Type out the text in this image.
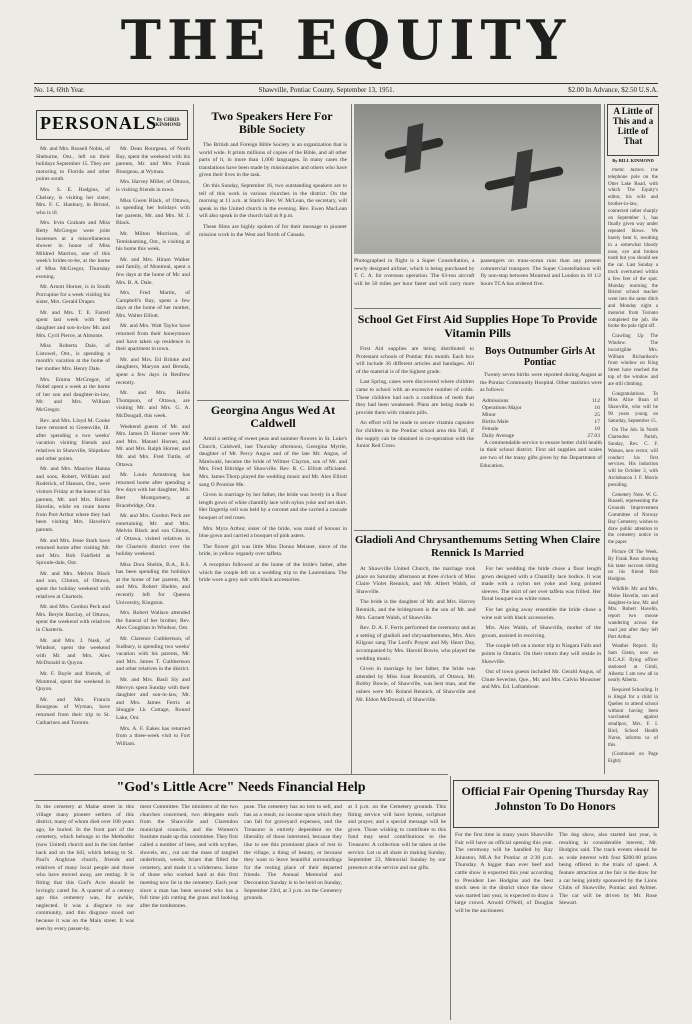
THE EQUITY
No. 14, 69th Year.	Shawville, Pontiac County, September 13, 1951.	$2.00 In Advance, $2.50 U.S.A.
PERSONALS By CHRIS KINMOND

Mr. and Mrs. Russell Nobis, of Sheburne, Ont., left on their holidays September 15. They are motoring to Florida and other points south.

Mrs. S. E. Hodgins, of Chelsey, is visiting her sister, Mrs. F. C. Hanbury, in Bristol, who is ill.

Mrs. Irvin Graham and Miss Betty McGregor were joint hostesses at a miscellaneous shower in honor of Miss Mildred Marrion, one of this week's brides-to-be, at the home of Miss McGregor, Thursday evening.

Mr. Arnott Horner, is in South Porcupine for a week visiting his sister, Mrs. Gerald Draper.

Mr. and Mrs. T. E. Farrell spent last week with their daughter and son-in-law Mr. and Mrs. Cyril Pierce, at Almonte.

Miss Roberta Dale, of Listowel, Ont., is spending a month's vacation at the home of her mother Mrs. Henry Dale.

Mrs. Emma McGregor, of Nobel spent a week at the home of her son and daughter-in-law, Mr. and Mrs. William McGregor.

Rev. and Mrs. Lloyd M. Cooke have returned to Greenville, Ill. after spending a two weeks' vacation visiting friends and relatives in Shawville, Shipshaw and other points.

Mr. and Mrs. Maurice Hanna and sons, Robert, William and Roderick, of Hanson, Ont., were visitors Friday at the home of his parents, Mr. and Mrs. Robert Havelin, while en route home from Port Arthur where they had been visiting Mrs. Havelin's parents.

Mr. and Mrs. Jesse Stark have returned home after visiting Mr. and Mrs. Bob Fairfield at Sproule-dale, Ont.

Mr. and Mrs. Melvin Black and son, Clinton, of Ottawa, spent the holiday weekend with relatives at Charteris.

Mr. and Mrs. Gordon Peck and Mrs. Beryle Barclay, of Ottawa, spent the weekend with relatives in Charteris.

Mr. and Mrs. J. Nash, of Windsor, spent the weekend with Mr. and Mrs. Alex McDonald in Quyon.

Mr. F. Boyle and friends, of Montreal, spent the weekend in Quyon.

Mr. and Mrs. Francis Bourgeau of Wyman, have returned from their trip to St. Catharines and Toronto.

Mr. Dean Bourgeau, of North Bay, spent the weekend with his parents, Mr. and Mrs. Frank Bourgeau, at Wyman.

Mrs. Harvey Miller, of Ottawa, is visiting friends in town.

Miss Gwen Black, of Ottawa, is spending her holidays with her parents, Mr. and Mrs. M. J. Black.

Mr. Milton Morrison, of Temiskaming, Ont., is visiting at his home this week.

Mr. and Mrs. Hiram Walker and family, of Montreal, spent a few days at the home of Mr. and Mrs. B. A. Dale.

Mrs. Fred Martin, of Campbell's Bay, spent a few days at the home of her mother, Mrs. Walter Elliott.

Mr. and Mrs. Watt Taylor have returned from their honeymoon and have taken up residence in their apartment in town.

Mr. and Mrs. Ed Brinke and daughters, Maryon and Brenda, spent a few days in Renfrew recently.

Mr. and Mrs. Hollis Thompson, of Ottawa, are visiting Mr. and Mrs. G. A. McDougall, this week.

Weekend guests of Mr. and Mrs. James D. Horner were Mr. and Mrs. Mansel Horner, and Mr. and Mrs. Ralph Horner, and Mr. and Mrs. Fred Tuttle, of Ottawa.

Mr. Louis Armstrong has returned home after spending a few days with her daughter, Mrs. Bert Montgomery, at Bracebridge, Ont.

Mr. and Mrs. Gordon Peck are entertaining Mr. and Mrs. Melvin Black and son Clinton, of Ottawa, visited relatives in the Charteris district over the holiday weekend.

Miss Dora Sheltie, B.A., B.S. has been spending the holidays at the home of her parents, Mr. and Mrs. Robert Sheltie, and recently left for Queens University, Kingston.

Mrs. Robert Wallace attended the funeral of her brother, Rev. Alex Coughlan in Windsor, Ont.

Mr. Clarence Cuthbertson, of Sudbury, is spending two weeks' vacation with his parents, Mr. and Mrs. James T. Cuthbertson and other relatives in the district.

Mr. and Mrs. Basil Sly and Mervyn spent Sunday with their daughter and son-in-law, Mr. and Mrs. James Ferris at Shuggie Lk Cottage, Round Lake, Ont.

Mrs. A. F. Eakes has returned from a three-week visit to Fort William.

Two Speakers Here For Bible Society

The British and Foreign Bible Society is an organization that is world wide. It prints millions of copies of the Bible, and all other parts of it, in more than 1,000 languages. In many cases the translations have been made by missionaries and others who have given their lives in the task.

On this Sunday, September 16, two outstanding speakers are to tell of this work in various churches in the district. On the morning at 11 a.m. at Stark's Rev. W. McLean, the secretary, will speak in the United church in the evening. Rev. Ewen MacLean will also speak in the church hall at 8 p.m.

These films are highly spoken of for their message to pioneer mission work in the West and North of Canada.

Georgina Angus Wed At Caldwell

Amid a setting of sweet peas and summer flowers in St. Luke's Church, Caldwell, last Thursday afternoon, Georgina Myrtle, daughter of Mr. Percy Angus and of the late Mr. Angus, of Maniwaki, became the bride of Wilmer Clayton, son of Mr. and Mrs. Fred Ethridge of Shawville. Rev. R. C. Elliott officiated. Mrs. James Thorp played the wedding music and Mr. Alex Elliott sang O Promise Me.

Given in marriage by her father, the bride was lovely in a floor length gown of white chantilly lace with nylon yoke and net skirt. Her fingertip veil was held by a coronet and she carried a cascade bouquet of red roses.

Mrs. Myra Arthur, sister of the bride, was maid of honour in blue gown and carried a bouquet of pink asters.

The flower girl was little Miss Donna Meisner, niece of the bride, in yellow organdy over taffeta.

A reception followed at the home of the bride's father, after which the couple left on a wedding trip to the Laurentians. The bride wore a grey suit with black accessories.

Photographed in flight is a Super Constellation, a newly designed airliner, which is being purchased by T. C. A. for overseas operation. The 63-ton aircraft will be 50 miles per hour faster and will carry more passengers on trans-ocean runs than any present commercial transport. The Super Constellations will fly non-stop between Montreal and London in 10 1/2 hours TCA has ordered five.
School Get First Aid Supplies Hope To Provide Vitamin Pills

First Aid supplies are being distributed to Protestant schools of Pontiac this month. Each box will include 36 different articles and bandages. All of the material is of the highest grade.

Last Spring, cases were discovered where children came to school with an excessive number of colds. These children had such a condition of teeth that they had been weakened. Plans are being made to provide them with vitamin pills.

An effort will be made to secure vitamin capsules for children in the Pontiac school area this Fall, if the supply can be obtained in co-operation with the Junior Red Cross.

Boys Outnumber Girls At Pontiac

Twenty seven births were reported during August at the Pontiac Community Hospital. Other statistics were as follows:

Admissions	112
Operations Major	16
Minor	25
Births Male	17
Female	10
Daily Average	27.03

A commendable service to ensure better child health in their school district. First aid supplies and scales are two of the many gifts given by the Department of Education.

Gladioli And Chrysanthemums Setting When Claire Rennick Is Married

At Shawville United Church, the marriage took place on Saturday afternoon at three o'clock of Miss Claire Violet Rennick, and Mr. Albert Walsh, of Shawville.

The bride is the daughter of Mr. and Mrs. Harvey Rennick, and the bridegroom is the son of Mr. and Mrs. Garnett Walsh, of Shawville.

Rev. D. A. F. Ferris performed the ceremony and as a setting of gladioli and chrysanthemums, Mrs. Alex Kilgour sang The Lord's Prayer and My Heart Day, accompanied by Mrs. Harold Bowie, who played the wedding music.

Given in marriage by her father, the bride was attended by Miss Joan Bonsmith, of Ottawa, Mr. Bobby Bowie, of Shawville, was best man, and the ushers were Mr. Roland Rennick, of Shawville and Mr. Eldon McDowall, of Shawville.

For her wedding the bride chose a floor length gown designed with a Chantilly lace bodice. It was made with a nylon net yoke and long pointed sleeves. The skirt of net over taffeta was frilled. Her floral bouquet was white roses.

For her going away ensemble the bride chose a wine suit with black accessories.

Mrs. Alex Walsh, of Shawville, mother of the groom, assisted in receiving.

The couple left on a motor trip to Niagara Falls and points in Ontario. On their return they will reside in Shawville.

Out of town guests included Mr. Gerald Angus, of Chute Severine, Que., Mr. and Mrs. Calvin Mousiner and Mrs. Ed. Laframbose.

A Little of This and a Little of That
By BILL KINMOND

Poetic Justice. The telephone pole on the Otter Lake Road, with which The Equity's editor, his wife and brother-in-law, connected rather sharply on September 1, has finally given way under repeated blows. We barely bent it, resulting in a somewhat bloody nose, eye and broken tooth but you should see the car. Last Sunday a truck overturned within a few feet of the spot. Monday morning the Bristol school teacher went into the same ditch and Monday night a motorist from Toronto completed the job. He broke the pole right off.

Crawling Up The Window. The incorrigible Mrs. William Richardson's front window on King Street have reached the top of the window and are still climbing.

Congratulations. To Miss Alice Boan of Shawville, who will be 90 years young on Saturday, September 15.

On The Job. In North Clarendon Parish, Sunday, Rev. C. F. Watson, new rector, will conduct his first services. His induction will be October 3, with Archdeacon J. F. Morris presiding.

Cemetery Note. W. G. Russell, representing the Grounds Improvement Committee of Norway Bay Cemetery, wishes to draw public attention to the cemetery notice in the paper.

Picture Of The Week. By Frank Ross showing his tame raccoon sitting on his friend Bob Hodgins.

Wildlife. Mr. and Mrs. Moise Havelin, son and daughter-in-law, Mr. and Mrs. Robert Havelin, report two moose wandering across the road just after they left Port Arthur.

Weather Report. By Sam Glenn, now an R.C.A.F. flying officer stationed at Gimli, Alberta: I am now all in nearly Alberta.

Required Schooling. It is illegal for a child in Quebec to attend school without having been vaccinated against smallpox, Mrs. F. I. Bird, School Health Nurse, informs us of this.

(Continued on Page Eight)

"God's Little Acre" Needs Financial Help
In the cemetery at Maine street in this village many pioneer settlers of this district, many of whom died over 100 years ago, lie buried. In the front part of the cemetery, which belongs to the Methodist (now United) church and in the lots farther back and on the hill, which belong to St. Paul's Anglican church, friends and relatives of many local people and those who have moved away, are resting. It is fitting that this God's Acre should be lovingly cared for. A quarter of a century ago this cemetery was, for awhile, neglected. It was a disgrace to our community, and this disgrace stood out because it was on the Main street. It was seen by every passer-by.
ment Committee. The ministers of the two churches concerned, two delegates each from the Shawville and Clarendon municipal councils, and the Women's Institute made up this committee. They first called a number of bees, and with scythes, shovels, etc., cut out the mass of tangled underbrush, weeds, briars that filled the cemetery, and made it a wilderness. Some of those who worked hard at this first meeting now lie in the cemetery. Each year since a man has been secured who has a full time job cutting the grass and looking after the tombstones.
pose. The cemetery has no lots to sell, and has as a result, no income upon which they can fall for graveyard expenses, and the Treasurer is entirely dependent on the liberality of those interested, because they like to see this prominent place of rest in the village, a thing of beauty, or because they want to leave beautiful surroundings for the resting place of their departed friends. The Annual Memorial and Decoration Sunday is to be held on Sunday, September 23rd, at 3 p.m. on the Cemetery grounds.
at 3 p.m. on the Cemetery grounds. This fitting service will have hymns, scripture and prayer, and a special message will be given. Those wishing to contribute to this fund may send contributions to the Treasurer. A collection will be taken at the service. Let us all share in making Sunday, September 23, Memorial Sunday by our presence at the service and our gifts.
Official Fair Opening Thursday Ray Johnston To Do Honors
For the first time in many years Shawville Fair will have an official opening this year. The ceremony will be handled by Ray Johnston, MLA for Pontiac at 2:30 p.m. Thursday. A bigger than ever beef and cattle show is expected this year according to President Lee Hodgins and the best stock seen in the district since the show was started last year, is expected to draw a large crowd. Arnold O'Neill, of Douglas will be the auctioneer.
The dog show, also started last year, is resulting in considerable interest, Mr. Hodgins said. The track events should be as wide interest with four $200.00 prizes being offered in the trials of speed. A feature attraction at the fair is the draw for a car being jointly sponsored by the Lions Clubs of Shawville, Pontiac and Aylmer. The car will be driven by Mr. Rose Stewart.
